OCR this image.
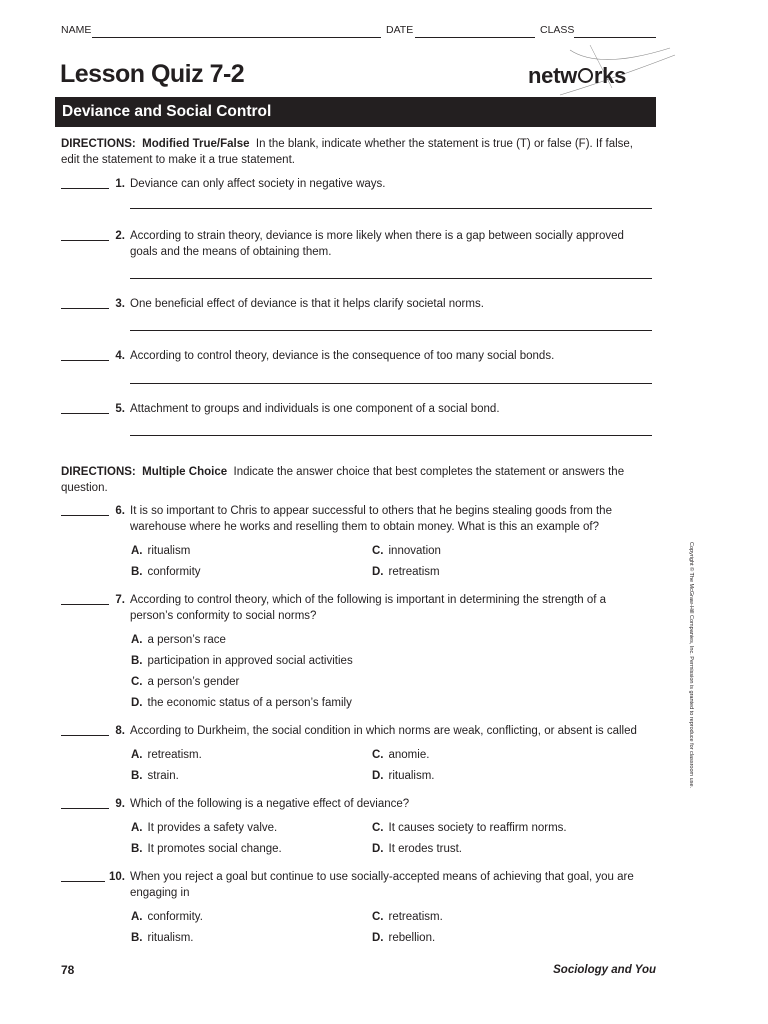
NAME	DATE	CLASS
Lesson Quiz 7-2	netw rks
Deviance and Social Control
DIRECTIONS: Modified True/False In the blank, indicate whether the statement is true (T) or false (F). If false, edit the statement to make it a true statement.
1. Deviance can only affect society in negative ways.
2. According to strain theory, deviance is more likely when there is a gap between socially approved goals and the means of obtaining them.
3. One beneficial effect of deviance is that it helps clarify societal norms.
4. According to control theory, deviance is the consequence of too many social bonds.
5. Attachment to groups and individuals is one component of a social bond.
DIRECTIONS: Multiple Choice Indicate the answer choice that best completes the statement or answers the question.
6. It is so important to Chris to appear successful to others that he begins stealing goods from the warehouse where he works and reselling them to obtain money. What is this an example of?
A. ritualism
B. conformity
C. innovation
D. retreatism
7. According to control theory, which of the following is important in determining the strength of a person’s conformity to social norms?
A. a person’s race
B. participation in approved social activities
C. a person’s gender
D. the economic status of a person’s family
8. According to Durkheim, the social condition in which norms are weak, conflicting, or absent is called
A. retreatism.
B. strain.
C. anomie.
D. ritualism.
9. Which of the following is a negative effect of deviance?
A. It provides a safety valve.
B. It promotes social change.
C. It causes society to reaffirm norms.
D. It erodes trust.
10. When you reject a goal but continue to use socially-accepted means of achieving that goal, you are engaging in
A. conformity.
B. ritualism.
C. retreatism.
D. rebellion.
Copyright © The McGraw-Hill Companies, Inc. Permission is granted to reproduce for classroom use.
78	Sociology and You
